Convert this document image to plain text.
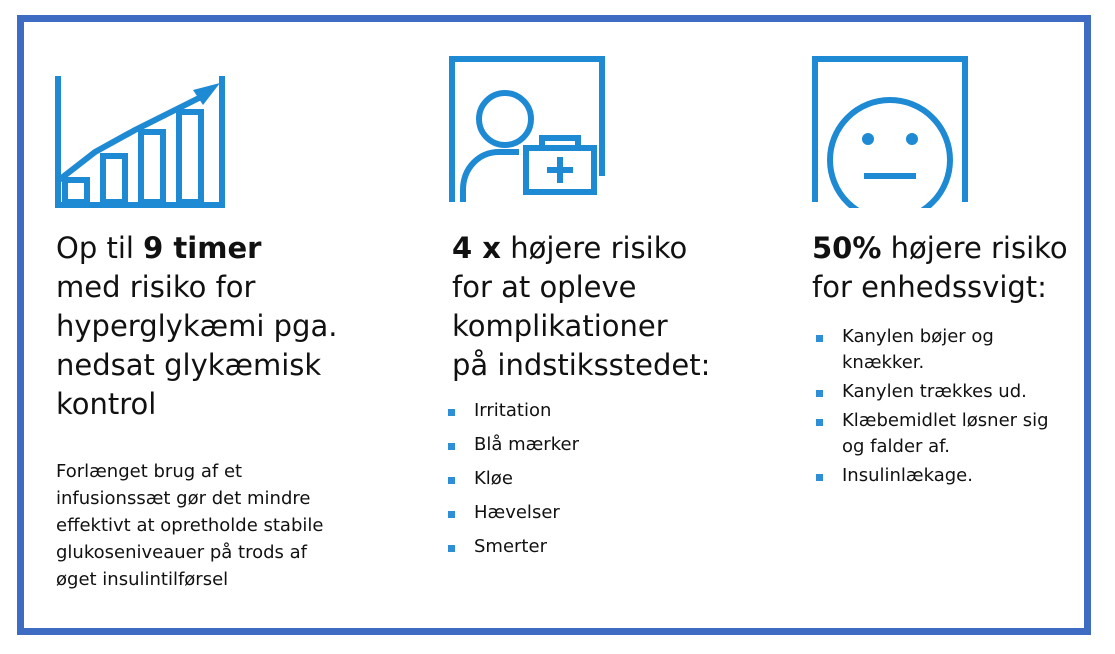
Op til 9 timer
med risiko for
hyperglykæmi pga.
nedsat glykæmisk
kontrol
Forlænget brug af et
infusionssæt gør det mindre
effektivt at opretholde stabile
glukoseniveauer på trods af
øget insulintilførsel
4 x højere risiko
for at opleve
komplikationer
på indstiksstedet:
Irritation
Blå mærker
Kløe
Hævelser
Smerter
50% højere risiko
for enhedssvigt:
Kanylen bøjer og
knækker.
Kanylen trækkes ud.
Klæbemidlet løsner sig
og falder af.
Insulinlækage.
